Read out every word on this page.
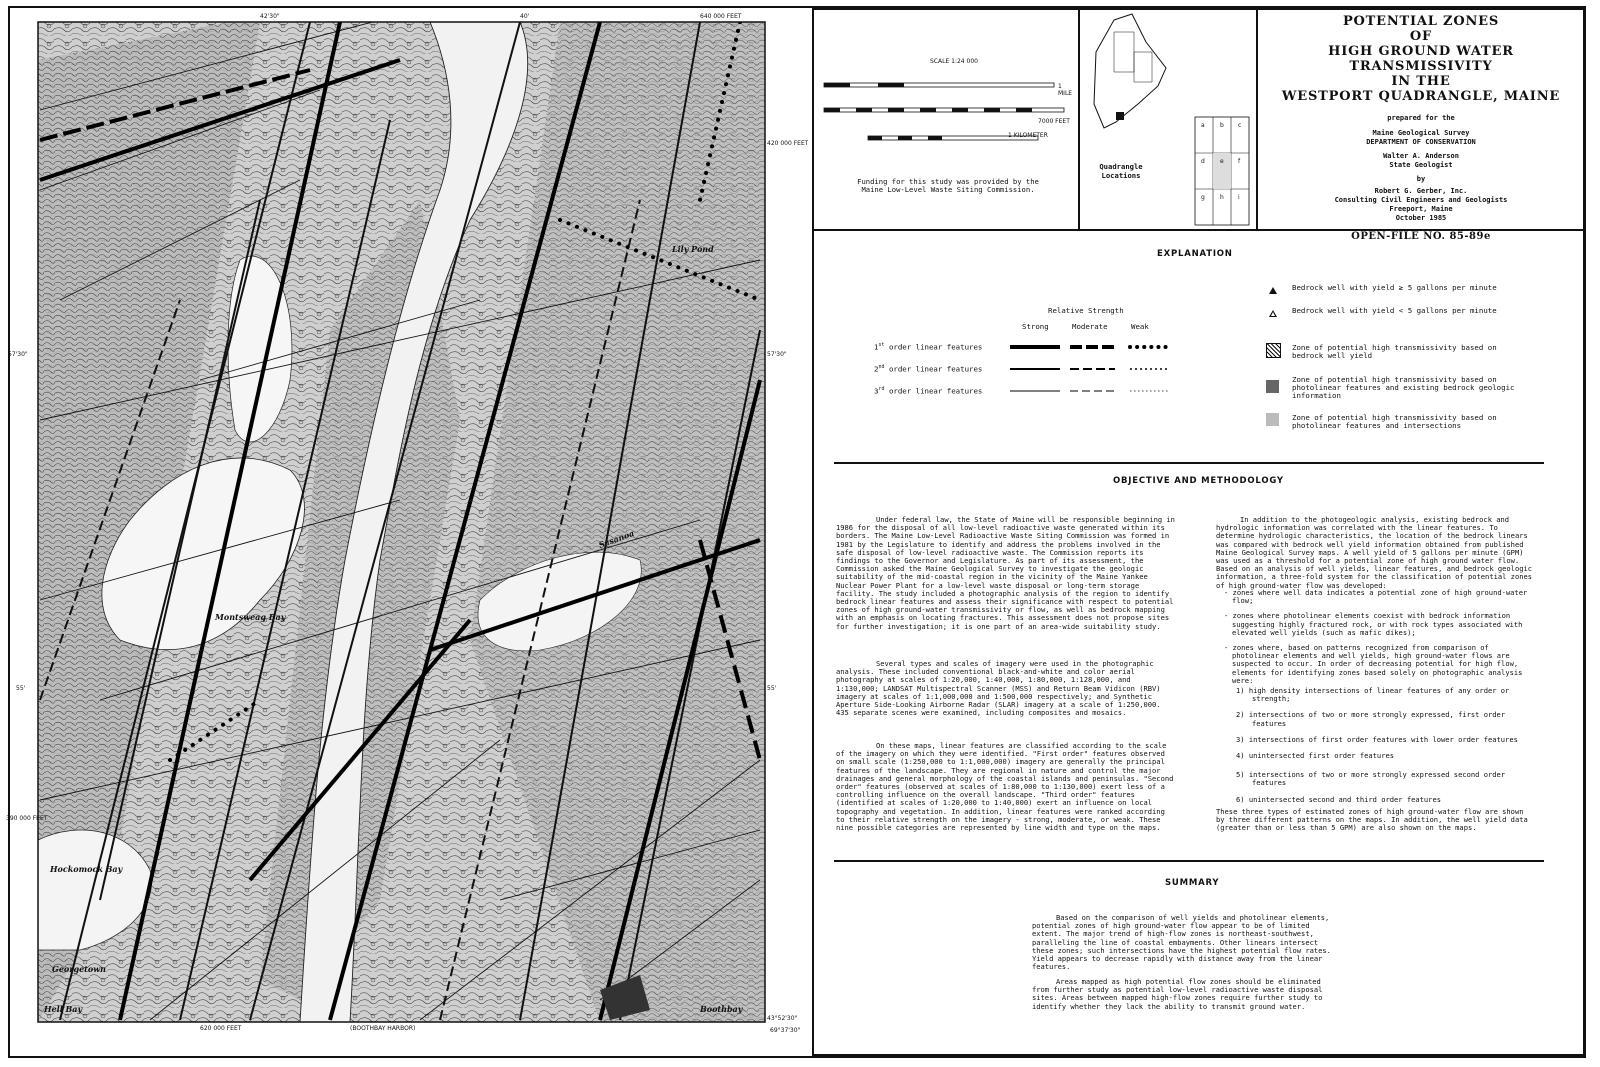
Montsweag Bay
Hockomock Bay
Georgetown
Hell Bay
Sasanoa
Lily Pond
Boothbay
57'30"	57'30"
55'	55'
69°37'30"
43°52'30"
42'30"	40'
620 000 FEET
390 000 FEET
420 000 FEET
640 000 FEET
(BOOTHBAY HARBOR)
SCALE 1:24 000
1 MILE
7000 FEET
1 KILOMETER
Funding for this study was provided by the Maine Low-Level Waste Siting Commission.
Quadrangle Locations
a	b c
d	e f
g	h i
POTENTIAL ZONES
OF
HIGH GROUND WATER TRANSMISSIVITY
IN THE
WESTPORT QUADRANGLE, MAINE
prepared for the
Maine Geological Survey
DEPARTMENT OF CONSERVATION
Walter A. Anderson
State Geologist
by
Robert G. Gerber, Inc.
Consulting Civil Engineers and Geologists
Freeport, Maine
October 1985
OPEN-FILE NO. 85-89e
EXPLANATION
Relative Strength
Strong	Moderate	Weak
1st order linear features
2nd order linear features
3rd order linear features
Bedrock well with yield ≥ 5 gallons per minute
Bedrock well with yield < 5 gallons per minute
Zone of potential high transmissivity based on bedrock well yield
Zone of potential high transmissivity based on photolinear features and existing bedrock geologic information
Zone of potential high transmissivity based on photolinear features and intersections
OBJECTIVE AND METHODOLOGY
Under federal law, the State of Maine will be responsible beginning in 1986 for the disposal of all low-level radioactive waste generated within its borders. The Maine Low-Level Radioactive Waste Siting Commission was formed in 1981 by the Legislature to identify and address the problems involved in the safe disposal of low-level radioactive waste. The Commission reports its findings to the Governor and Legislature. As part of its assessment, the Commission asked the Maine Geological Survey to investigate the geologic suitability of the mid-coastal region in the vicinity of the Maine Yankee Nuclear Power Plant for a low-level waste disposal or long-term storage facility. The study included a photographic analysis of the region to identify bedrock linear features and assess their significance with respect to potential zones of high ground-water transmissivity or flow, as well as bedrock mapping with an emphasis on locating fractures. This assessment does not propose sites for further investigation; it is one part of an area-wide suitability study.
Several types and scales of imagery were used in the photographic analysis. These included conventional black-and-white and color aerial photography at scales of 1:20,000, 1:40,000, 1:80,000, 1:128,000, and 1:130,000; LANDSAT Multispectral Scanner (MSS) and Return Beam Vidicon (RBV) imagery at scales of 1:1,000,000 and 1:500,000 respectively; and Synthetic Aperture Side-Looking Airborne Radar (SLAR) imagery at a scale of 1:250,000. 435 separate scenes were examined, including composites and mosaics.
On these maps, linear features are classified according to the scale of the imagery on which they were identified. "First order" features observed on small scale (1:250,000 to 1:1,000,000) imagery are generally the principal features of the landscape. They are regional in nature and control the major drainages and general morphology of the coastal islands and peninsulas. "Second order" features (observed at scales of 1:80,000 to 1:130,000) exert less of a controlling influence on the overall landscape. "Third order" features (identified at scales of 1:20,000 to 1:40,000) exert an influence on local topography and vegetation. In addition, linear features were ranked according to their relative strength on the imagery - strong, moderate, or weak. These nine possible categories are represented by line width and type on the maps.
In addition to the photogeologic analysis, existing bedrock and hydrologic information was correlated with the linear features. To determine hydrologic characteristics, the location of the bedrock linears was compared with bedrock well yield information obtained from published Maine Geological Survey maps. A well yield of 5 gallons per minute (GPM) was used as a threshold for a potential zone of high ground water flow. Based on an analysis of well yields, linear features, and bedrock geologic information, a three-fold system for the classification of potential zones of high ground-water flow was developed:
- zones where well data indicates a potential zone of high ground-water flow;
- zones where photolinear elements coexist with bedrock information suggesting highly fractured rock, or with rock types associated with elevated well yields (such as mafic dikes);
- zones where, based on patterns recognized from comparison of photolinear elements and well yields, high ground-water flows are suspected to occur. In order of decreasing potential for high flow, elements for identifying zones based solely on photographic analysis were:
1) high density intersections of linear features of any order or strength;
2) intersections of two or more strongly expressed, first order features
3) intersections of first order features with lower order features
4) unintersected first order features
5) intersections of two or more strongly expressed second order features
6) unintersected second and third order features
These three types of estimated zones of high ground-water flow are shown by three different patterns on the maps. In addition, the well yield data (greater than or less than 5 GPM) are also shown on the maps.
SUMMARY
Based on the comparison of well yields and photolinear elements, potential zones of high ground-water flow appear to be of limited extent. The major trend of high-flow zones is northeast-southwest, paralleling the line of coastal embayments. Other linears intersect these zones; such intersections have the highest potential flow rates. Yield appears to decrease rapidly with distance away from the linear features.
Areas mapped as high potential flow zones should be eliminated from further study as potential low-level radioactive waste disposal sites. Areas between mapped high-flow zones require further study to identify whether they lack the ability to transmit ground water.
